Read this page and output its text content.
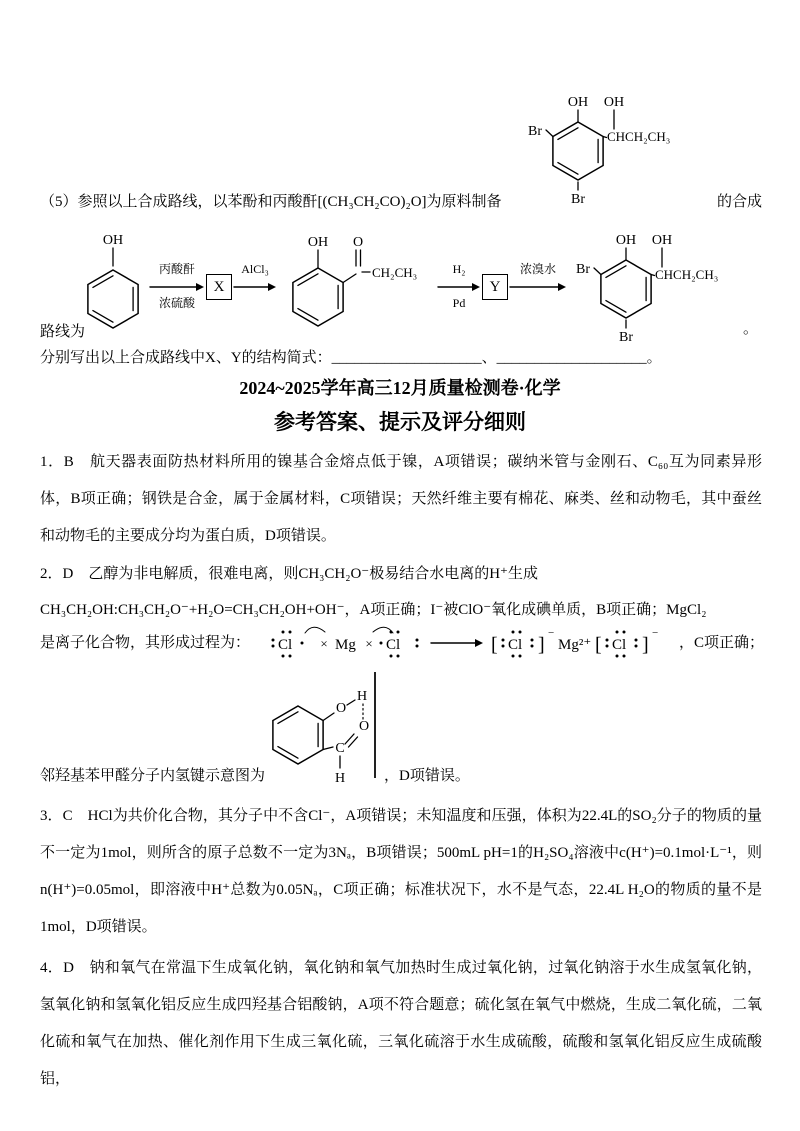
OH OH
Br	CHCH₂CH₃
Br
（5）参照以上合成路线，以苯酚和丙酸酐 [(CH₃CH₂CO)₂O] 为原料制备	的合成
OH
丙酸酐
浓硫酸
X
AlCl₃
OH O
CH₂CH₃	H₂
Pd
Y
浓溴水
OH OH
Br	CHCH₂CH₃
Br
。
路线为
分别写出以上合成路线中X、Y的结构简式：____________________、____________________。
2024~2025学年高三12月质量检测卷·化学
参考答案、提示及评分细则
1．B　航天器表面防热材料所用的镍基合金熔点低于镍，A项错误；碳纳米管与金刚石、C₆₀互为同素异形体，B项正确；钢铁是合金，属于金属材料，C项错误；天然纤维主要有棉花、麻类、丝和动物毛，其中蚕丝和动物毛的主要成分均为蛋白质，D项错误。
2．D　乙醇为非电解质，很难电离，则CH₃CH₂O⁻极易结合水电离的H⁺生成
CH₃CH₂OH:CH₃CH₂O⁻+H₂O=CH₃CH₂OH+OH⁻，A项正确；I⁻被ClO⁻氧化成碘单质，B项正确；MgCl₂
是离子化合物，其形成过程为： Cl × Mg × Cl	[ Cl ]
−
Mg²⁺ [ Cl ]
−
，C项正确；
O
H
C
O
H
邻羟基苯甲醛分子内氢键示意图为	，D项错误。
3．C　HCl为共价化合物，其分子中不含Cl⁻，A项错误；未知温度和压强，体积为22.4L的SO₂分子的物质的量不一定为1mol，则所含的原子总数不一定为3Nₐ，B项错误；500mL pH=1的H₂SO₄溶液中c(H⁺)=0.1mol·L⁻¹，则n(H⁺)=0.05mol，即溶液中H⁺总数为0.05Nₐ，C项正确；标准状况下，水不是气态，22.4L H₂O的物质的量不是1mol，D项错误。
4．D　钠和氧气在常温下生成氧化钠，氧化钠和氧气加热时生成过氧化钠，过氧化钠溶于水生成氢氧化钠，氢氧化钠和氢氧化铝反应生成四羟基合铝酸钠，A项不符合题意；硫化氢在氧气中燃烧，生成二氧化硫，二氧化硫和氧气在加热、催化剂作用下生成三氧化硫，三氧化硫溶于水生成硫酸，硫酸和氢氧化铝反应生成硫酸铝，
